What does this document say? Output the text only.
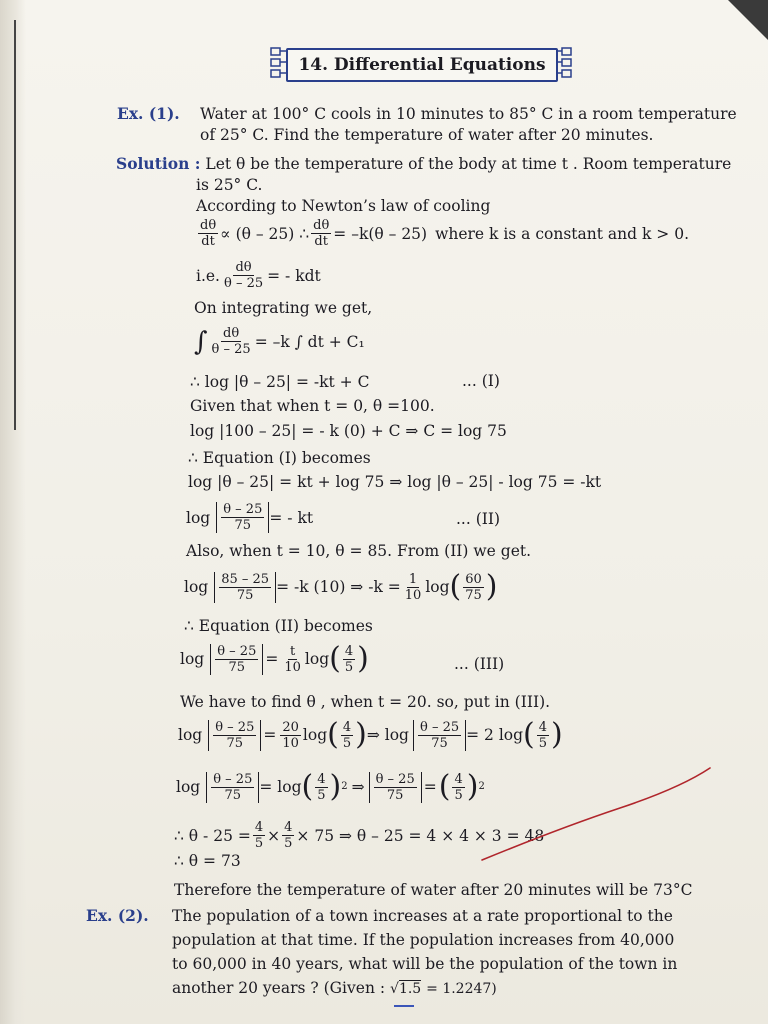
14. Differential Equations
Ex. (1). Water at 100° C cools in 10 minutes to 85° C in a room temperature
of 25° C. Find the temperature of water after 20 minutes.
Solution : Let θ be the temperature of the body at time t . Room temperature
is 25° C.
According to Newton’s law of cooling
$\frac{d\theta}{dt} \propto (\theta - 25)$ ∴ $\frac{d\theta}{dt} = -k(\theta - 25)$ where k is a constant and k > 0.
i.e. $\frac{d\theta}{\theta - 25}$ = - kdt
On integrating we get,
∫ $\frac{d\theta}{\theta - 25} = -k$ ∫ dt + C₁
∴ log |θ – 25| = -kt + C	... (I)
Given that when t = 0, θ =100.
log |100 – 25| = - k (0) + C ⇒ C = log 75
∴ Equation (I) becomes
log |θ – 25| = kt + log 75 ⇒ log |θ – 25| - log 75 = -kt
$\log \frac{\theta - 25}{75}$ = - kt	... (II)
Also, when t = 10, θ = 85. From (II) we get.
$\log \frac{85 - 25}{75} = -k$ (10) ⇒ $-k = \frac{1}{10}$ log ( $\frac{60}{75}$ )
∴ Equation (II) becomes
$\log \frac{\theta - 25}{75} = \frac{t}{10}$ log ( $\frac{4}{5}$ )	... (III)
We have to find θ , when t = 20. so, put in (III).
$\log \frac{\theta - 25}{75} = \frac{20}{10}$ log ( $\frac{4}{5}$ ) ⇒ $\log \frac{\theta - 25}{75} = 2$ log ( $\frac{4}{5}$ )
$\log \frac{\theta - 25}{75} = \log$ ( $\frac{4}{5}$ ) 2 ⇒ $\frac{\theta - 25}{75}$ = ( $\frac{4}{5}$ ) 2
∴ $\theta - 25 = \frac{4}{5} \times \frac{4}{5} \times 75$ ⇒ θ – 25 = 4 × 4 × 3 = 48
∴ θ = 73
Therefore the temperature of water after 20 minutes will be 73°C
Ex. (2). The population of a town increases at a rate proportional to the
population at that time. If the population increases from 40,000
to 60,000 in 40 years, what will be the population of the town in
another 20 years ? (Given : √1.5 = 1.2247)
